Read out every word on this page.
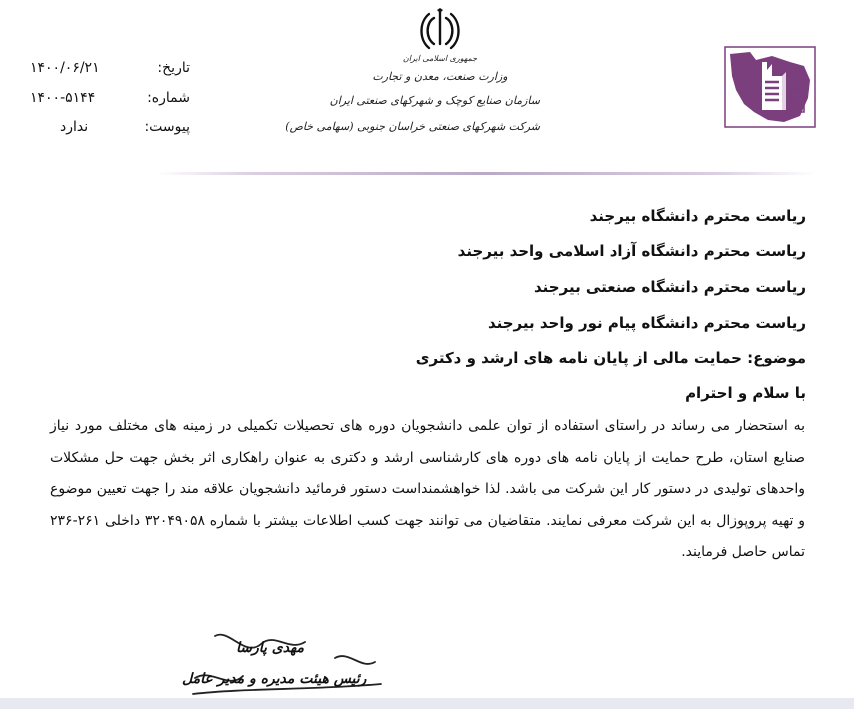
تاریخ:
۱۴۰۰/۰۶/۲۱
شماره:
۱۴۰۰-۵۱۴۴
پیوست:
ندارد
جمهوری اسلامی ایران
وزارت صنعت، معدن و تجارت
سازمان صنایع کوچک و شهرکهای صنعتی ایران
شرکت شهرکهای صنعتی خراسان جنوبی (سهامی خاص)
ریاست محترم دانشگاه بیرجند
ریاست محترم دانشگاه آزاد اسلامی واحد بیرجند
ریاست محترم دانشگاه صنعتی بیرجند
ریاست محترم دانشگاه پیام نور واحد بیرجند
موضوع: حمایت مالی از پایان نامه های ارشد و دکتری
با سلام و احترام
به استحضار می رساند در راستای استفاده از توان علمی دانشجویان دوره های تحصیلات تکمیلی در زمینه های مختلف مورد نیاز صنایع استان، طرح حمایت از پایان نامه های دوره های کارشناسی ارشد و دکتری به عنوان راهکاری اثر بخش جهت حل مشکلات واحدهای تولیدی در دستور کار این شرکت می باشد. لذا خواهشمنداست دستور فرمائید دانشجویان علاقه مند را جهت تعیین موضوع و تهیه پروپوزال به این شرکت معرفی نمایند. متقاضیان می توانند جهت کسب اطلاعات بیشتر با شماره ۳۲۰۴۹۰۵۸ داخلی ۲۶۱-۲۳۶ تماس حاصل فرمایند.
مهدی پارسا
رئیس هیئت مدیره و مدیر عامل
